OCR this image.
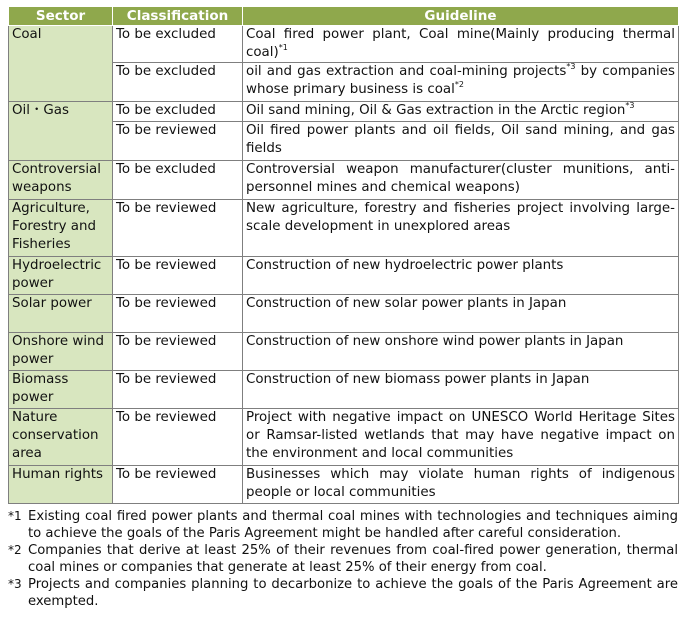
Sector	Classification	Guideline
Coal	To be excluded	Coal fired power plant, Coal mine(Mainly producing thermal coal)$^{*1}$
	To be excluded	oil and gas extraction and coal-mining projects$^{*3}$ by companies whose primary business is coal$^{*2}$
Oil・Gas	To be excluded	Oil sand mining, Oil & Gas extraction in the Arctic region$^{*3}$
	To be reviewed	Oil fired power plants and oil fields, Oil sand mining, and gas fields
Controversial weapons	To be excluded	Controversial weapon manufacturer(cluster munitions, anti-personnel mines and chemical weapons)
Agriculture, Forestry and Fisheries	To be reviewed	New agriculture, forestry and fisheries project involving large-scale development in unexplored areas
Hydroelectric power	To be reviewed	Construction of new hydroelectric power plants
Solar power	To be reviewed	Construction of new solar power plants in Japan
Onshore wind power	To be reviewed	Construction of new onshore wind power plants in Japan
Biomass power	To be reviewed	Construction of new biomass power plants in Japan
Nature conservation area	To be reviewed	Project with negative impact on UNESCO World Heritage Sites or Ramsar-listed wetlands that may have negative impact on the environment and local communities
Human rights	To be reviewed	Businesses which may violate human rights of indigenous people or local communities
*1 Existing coal fired power plants and thermal coal mines with technologies and techniques aiming to achieve the goals of the Paris Agreement might be handled after careful consideration.
*2 Companies that derive at least 25% of their revenues from coal-fired power generation, thermal coal mines or companies that generate at least 25% of their energy from coal.
*3 Projects and companies planning to decarbonize to achieve the goals of the Paris Agreement are exempted.
